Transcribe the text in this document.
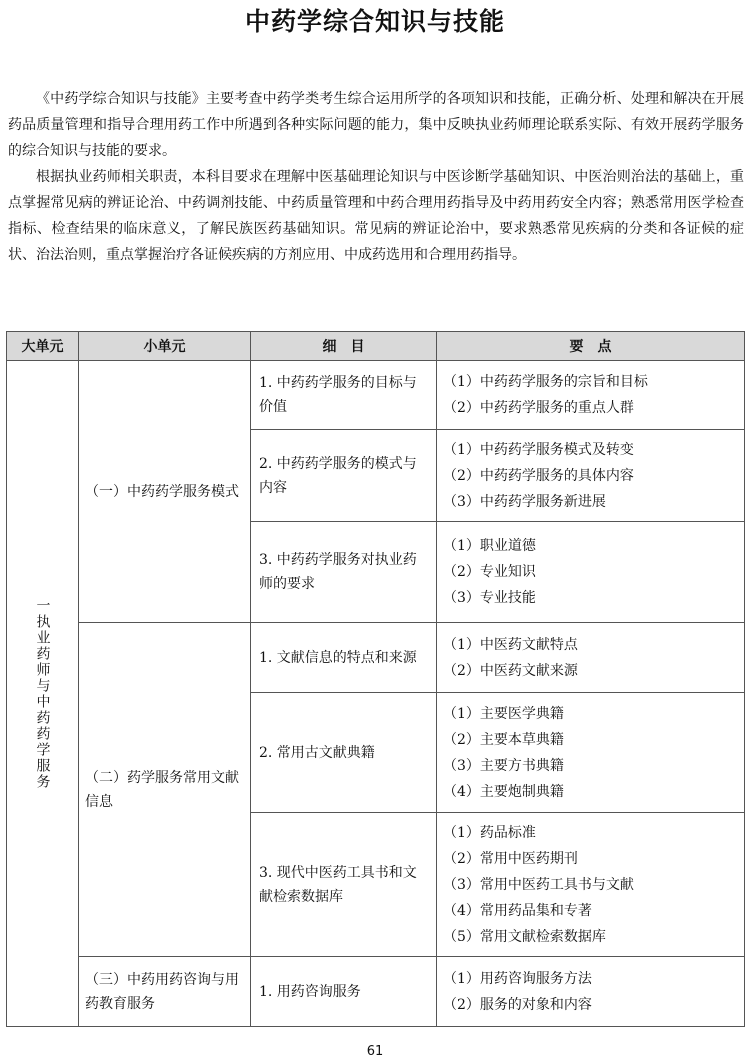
中药学综合知识与技能

《中药学综合知识与技能》主要考查中药学类考生综合运用所学的各项知识和技能，正确分析、处理和解决在开展药品质量管理和指导合理用药工作中所遇到各种实际问题的能力，集中反映执业药师理论联系实际、有效开展药学服务的综合知识与技能的要求。

根据执业药师相关职责，本科目要求在理解中医基础理论知识与中医诊断学基础知识、中医治则治法的基础上，重点掌握常见病的辨证论治、中药调剂技能、中药质量管理和中药合理用药指导及中药用药安全内容；熟悉常用医学检查指标、检查结果的临床意义，了解民族医药基础知识。常见病的辨证论治中，要求熟悉常见疾病的分类和各证候的症状、治法治则，重点掌握治疗各证候疾病的方剂应用、中成药选用和合理用药指导。

大单元	小单元	细　目	要　点
一执业药师与中药药学服务	（一）中药药学服务模式	1. 中药药学服务的目标与价值	（1）中药药学服务的宗旨和目标
（2）中药药学服务的重点人群

		2. 中药药学服务的模式与内容	（1）中药药学服务模式及转变
（2）中药药学服务的具体内容
（3）中药药学服务新进展

		3. 中药药学服务对执业药师的要求	（1）职业道德
（2）专业知识
（3）专业技能

	（二）药学服务常用文献信息	1. 文献信息的特点和来源	（1）中医药文献特点
（2）中医药文献来源

		2. 常用古文献典籍	（1）主要医学典籍
（2）主要本草典籍
（3）主要方书典籍
（4）主要炮制典籍

		3. 现代中医药工具书和文献检索数据库	（1）药品标准
（2）常用中医药期刊
（3）常用中医药工具书与文献
（4）常用药品集和专著
（5）常用文献检索数据库

	（三）中药用药咨询与用药教育服务	1. 用药咨询服务	（1）用药咨询服务方法
（2）服务的对象和内容
61
